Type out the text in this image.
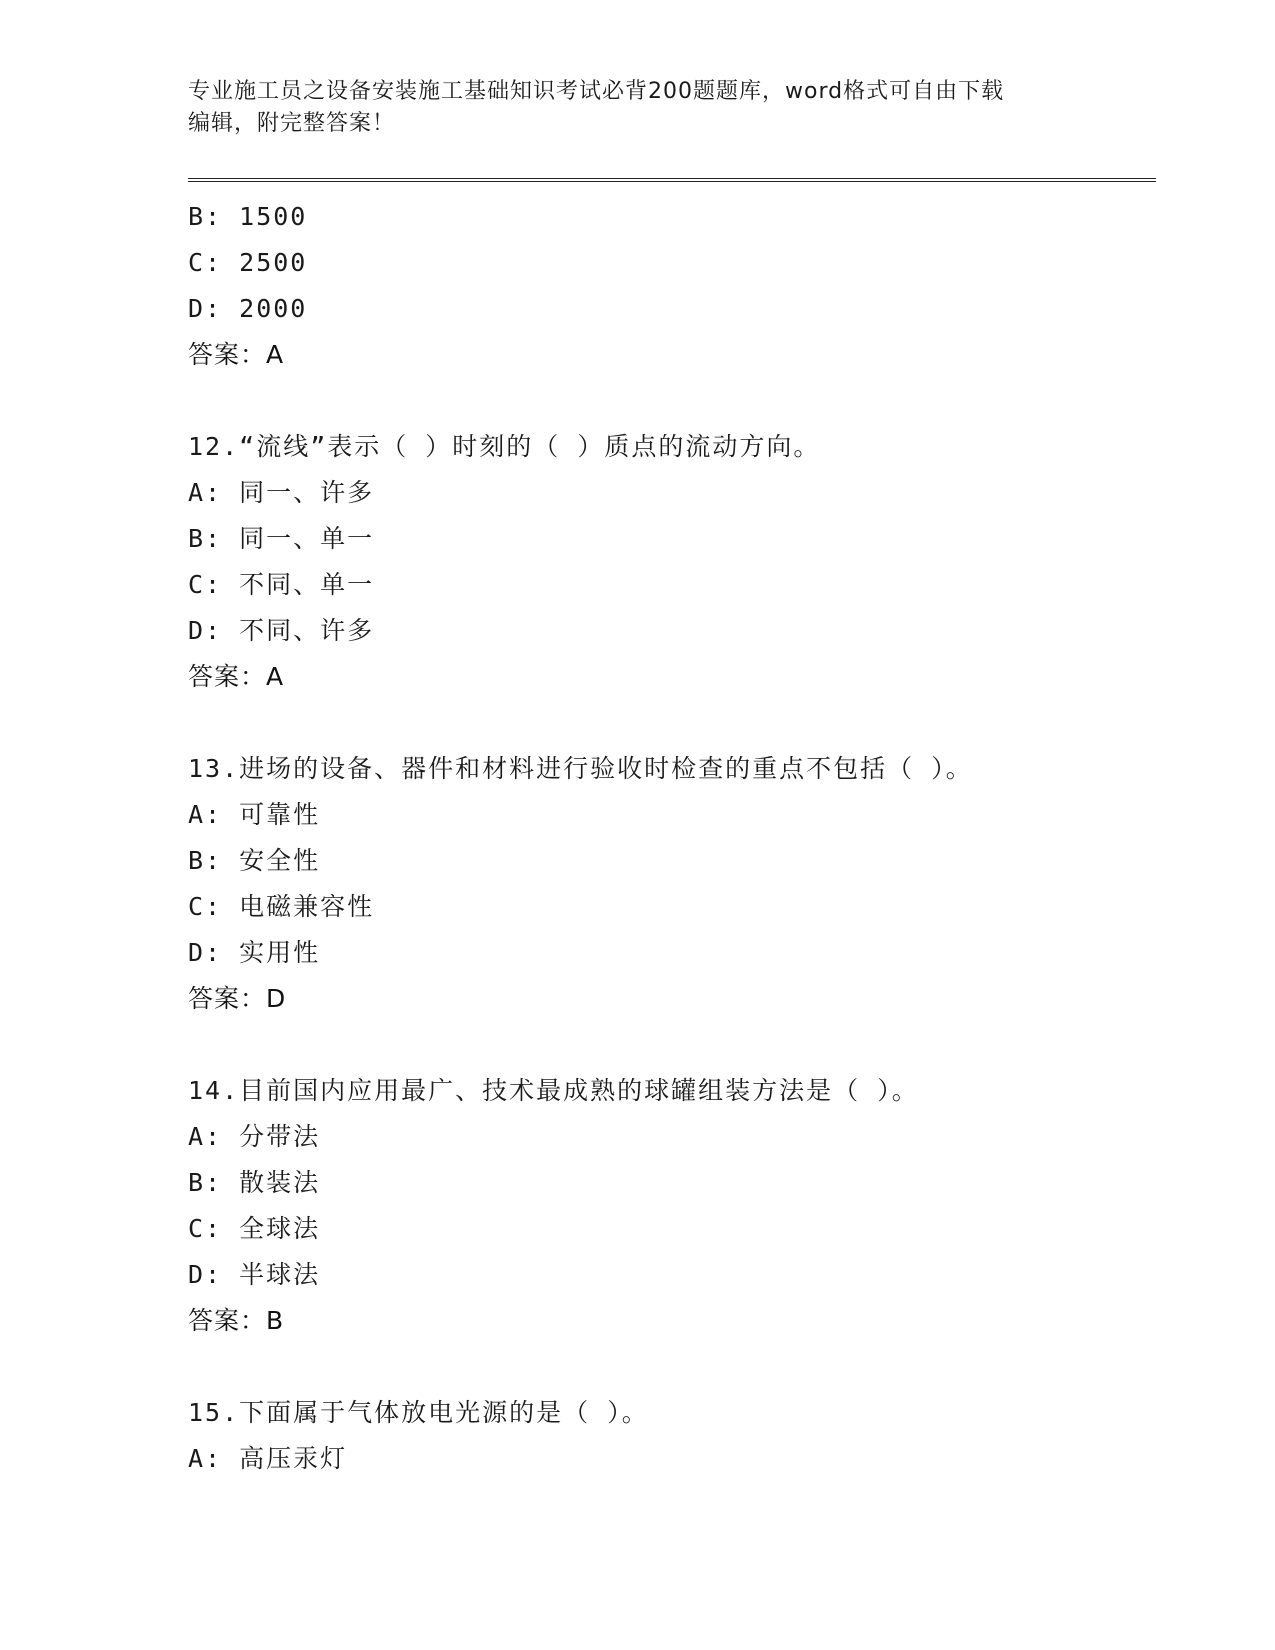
专业施工员之设备安装施工基础知识考试必背200题题库，word格式可自由下载
编辑，附完整答案！
B: 1500
C: 2500
D: 2000
答案：A
12.“流线”表示（ ）时刻的（ ）质点的流动方向。
A: 同一、许多
B: 同一、单一
C: 不同、单一
D: 不同、许多
答案：A
13.进场的设备、器件和材料进行验收时检查的重点不包括（ ）。
A: 可靠性
B: 安全性
C: 电磁兼容性
D: 实用性
答案：D
14.目前国内应用最广、技术最成熟的球罐组装方法是（ ）。
A: 分带法
B: 散装法
C: 全球法
D: 半球法
答案：B
15.下面属于气体放电光源的是（ ）。
A: 高压汞灯
